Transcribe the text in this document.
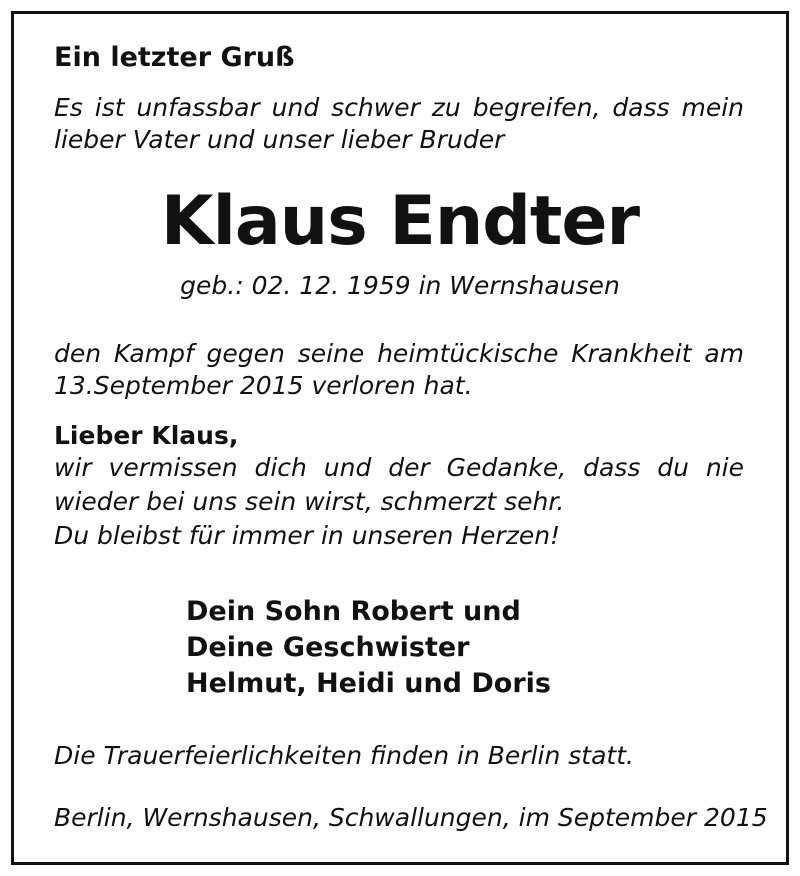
Ein letzter Gruß
Es ist unfassbar und schwer zu begreifen, dass mein
lieber Vater und unser lieber Bruder
Klaus Endter
geb.: 02. 12. 1959 in Wernshausen
den Kampf gegen seine heimtückische Krankheit am
13.September 2015 verloren hat.
Lieber Klaus,
wir vermissen dich und der Gedanke, dass du nie
wieder bei uns sein wirst, schmerzt sehr.
Du bleibst für immer in unseren Herzen!
Dein Sohn Robert und
Deine Geschwister
Helmut, Heidi und Doris
Die Trauerfeierlichkeiten finden in Berlin statt.
Berlin, Wernshausen, Schwallungen, im September 2015
